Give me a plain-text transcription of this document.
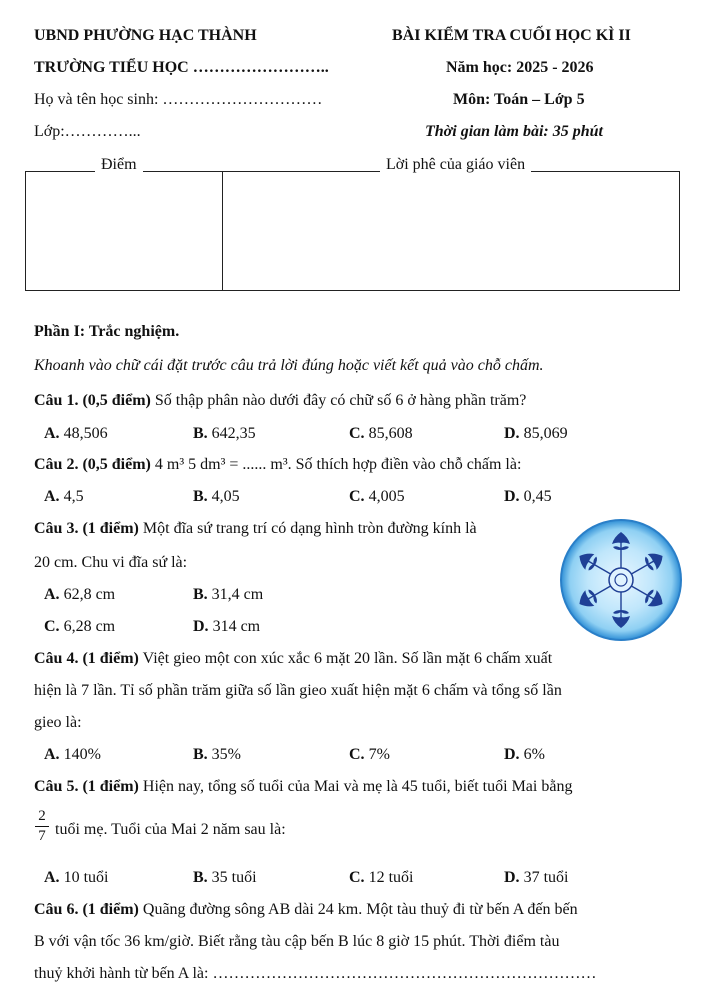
UBND PHƯỜNG HẠC THÀNH
TRƯỜNG TIỂU HỌC ……………………..
Họ và tên học sinh: …………………………
Lớp:…………...
BÀI KIỂM TRA CUỐI HỌC KÌ II
Năm học: 2025 - 2026
Môn: Toán – Lớp 5
Thời gian làm bài: 35 phút
Điểm	Lời phê của giáo viên
Phần I: Trắc nghiệm.
Khoanh vào chữ cái đặt trước câu trả lời đúng hoặc viết kết quả vào chỗ chấm.
Câu 1. (0,5 điểm) Số thập phân nào dưới đây có chữ số 6 ở hàng phần trăm?
A. 48,506	B. 642,35	C. 85,608	D. 85,069
Câu 2. (0,5 điểm) 4 m³ 5 dm³ = ...... m³. Số thích hợp điền vào chỗ chấm là:
A. 4,5	B. 4,05	C. 4,005	D. 0,45
Câu 3. (1 điểm) Một đĩa sứ trang trí có dạng hình tròn đường kính là
20 cm. Chu vi đĩa sứ là:
A. 62,8 cm	B. 31,4 cm
C. 6,28 cm	D. 314 cm
Câu 4. (1 điểm) Việt gieo một con xúc xắc 6 mặt 20 lần. Số lần mặt 6 chấm xuất
hiện là 7 lần. Tỉ số phần trăm giữa số lần gieo xuất hiện mặt 6 chấm và tổng số lần
gieo là:
A. 140%	B. 35%	C. 7%	D. 6%
Câu 5. (1 điểm) Hiện nay, tổng số tuổi của Mai và mẹ là 45 tuổi, biết tuổi Mai bằng
2
7 tuổi mẹ. Tuổi của Mai 2 năm sau là:
A. 10 tuổi	B. 35 tuổi	C. 12 tuổi	D. 37 tuổi
Câu 6. (1 điểm) Quãng đường sông AB dài 24 km. Một tàu thuỷ đi từ bến A đến bến
B với vận tốc 36 km/giờ. Biết rằng tàu cập bến B lúc 8 giờ 15 phút. Thời điểm tàu
thuỷ khởi hành từ bến A là: ………………………………………………………………
